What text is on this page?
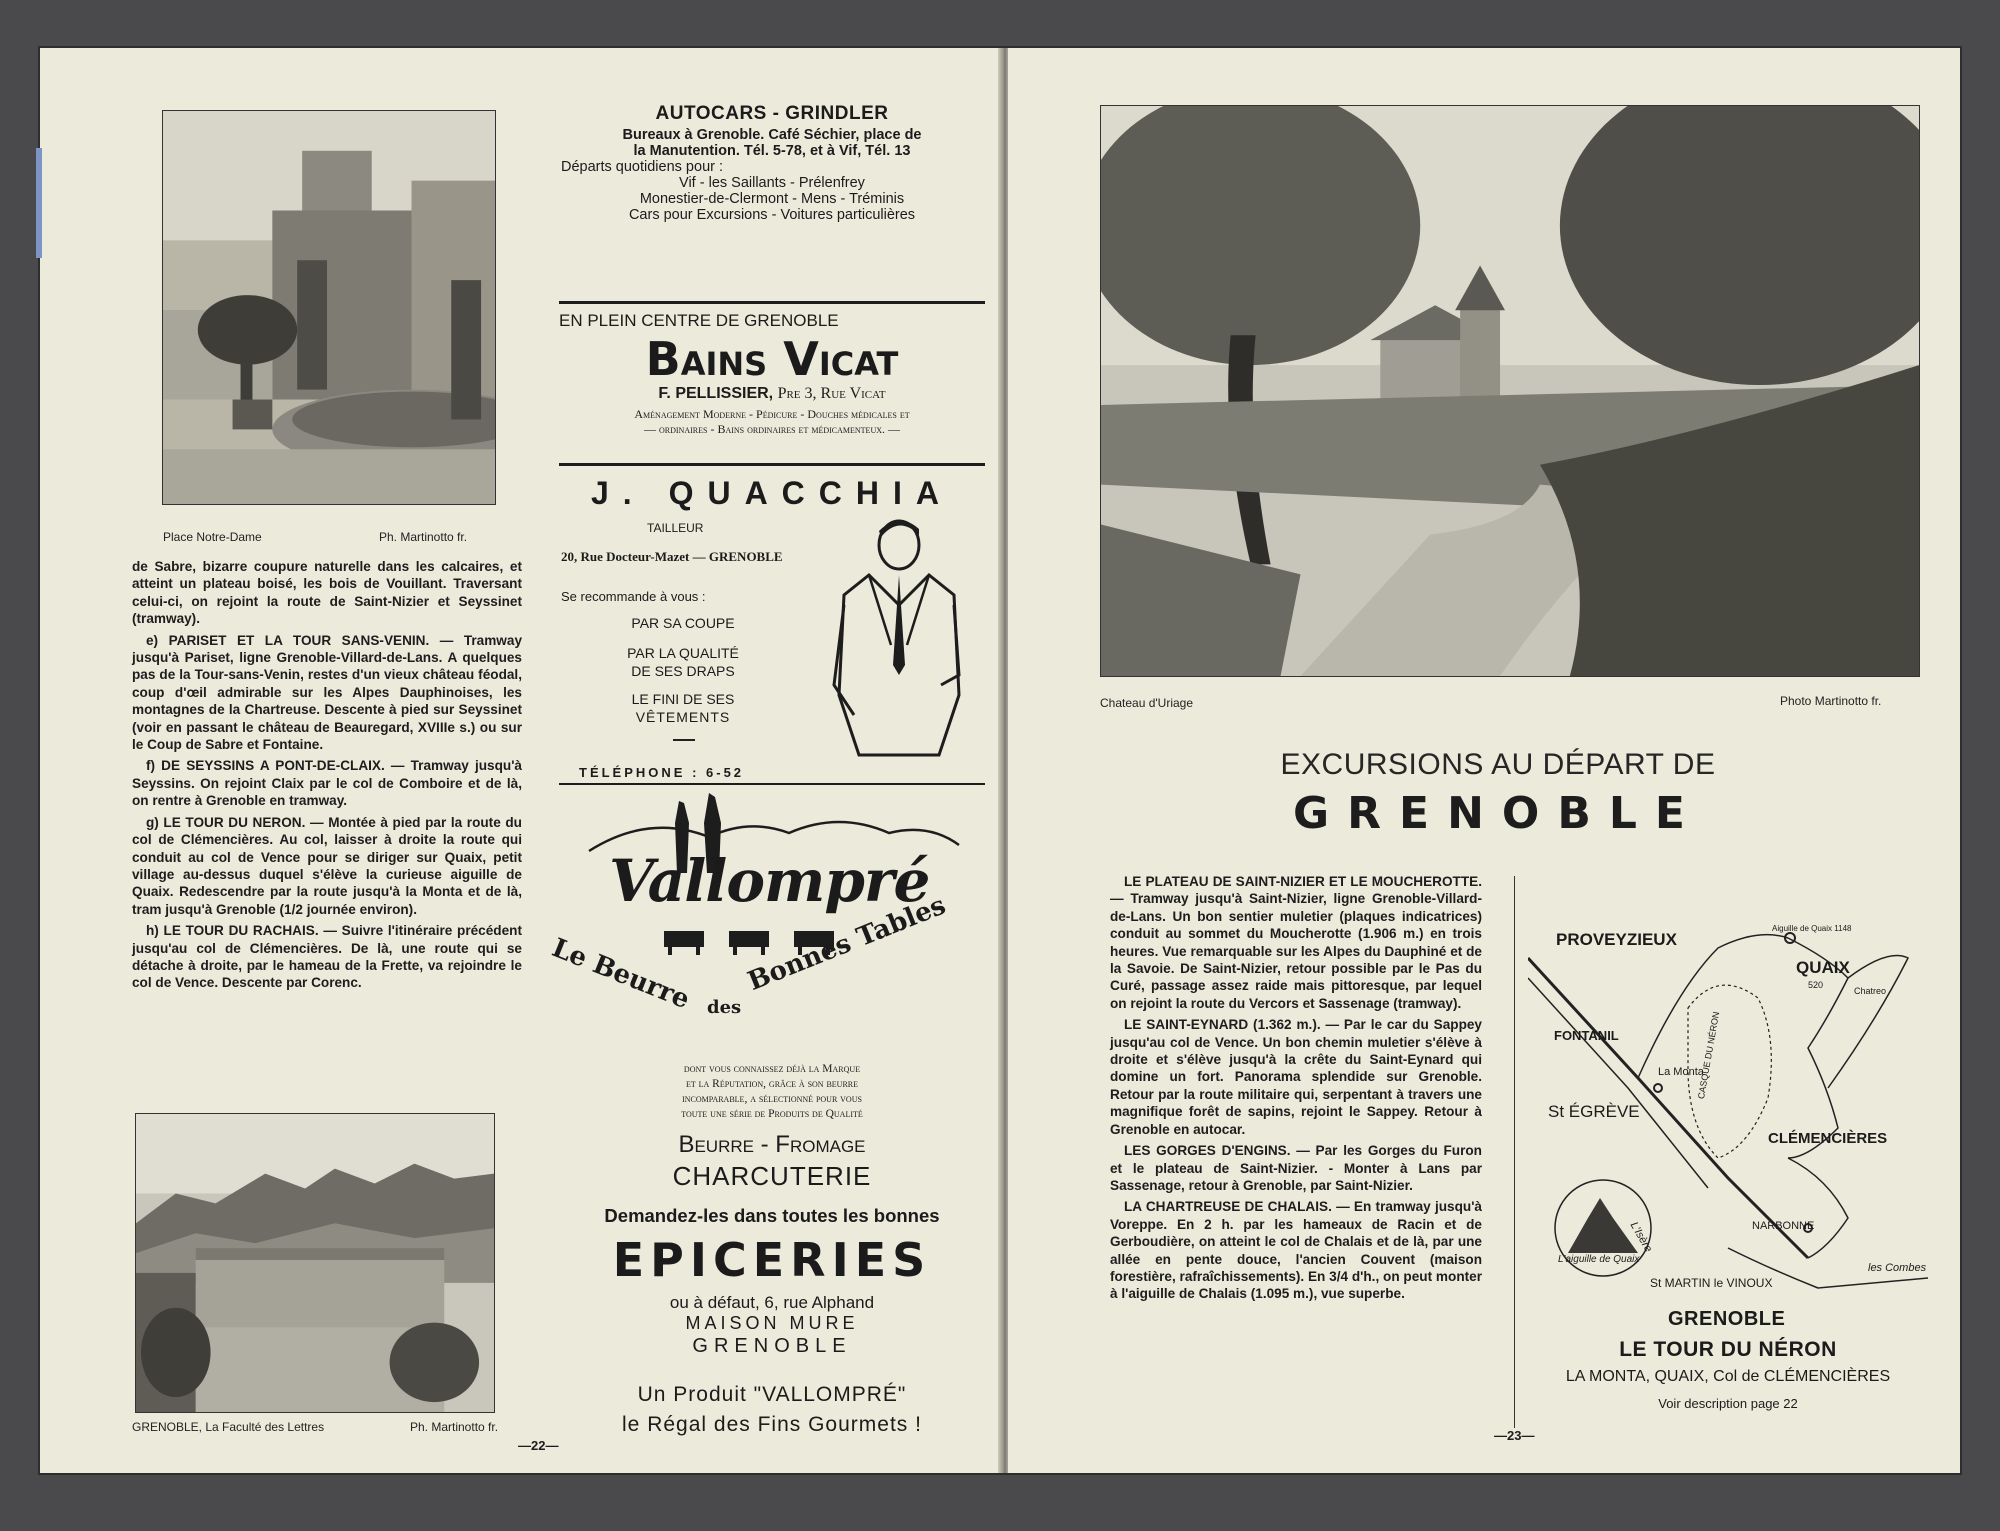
Place Notre-Dame	Ph. Martinotto fr.

de Sabre, bizarre coupure naturelle dans les calcaires, et atteint un plateau boisé, les bois de Vouillant. Traversant celui-ci, on rejoint la route de Saint-Nizier et Seyssinet (tramway).

e) PARISET ET LA TOUR SANS-VENIN. — Tramway jusqu'à Pariset, ligne Grenoble-Villard-de-Lans. A quelques pas de la Tour-sans-Venin, restes d'un vieux château féodal, coup d'œil admirable sur les Alpes Dauphinoises, les montagnes de la Chartreuse. Descente à pied sur Seyssinet (voir en passant le château de Beauregard, XVIIIe s.) ou sur le Coup de Sabre et Fontaine.

f) DE SEYSSINS A PONT-DE-CLAIX. — Tramway jusqu'à Seyssins. On rejoint Claix par le col de Comboire et de là, on rentre à Grenoble en tramway.

g) LE TOUR DU NERON. — Montée à pied par la route du col de Clémencières. Au col, laisser à droite la route qui conduit au col de Vence pour se diriger sur Quaix, petit village au-dessus duquel s'élève la curieuse aiguille de Quaix. Redescendre par la route jusqu'à la Monta et de là, tram jusqu'à Grenoble (1/2 journée environ).

h) LE TOUR DU RACHAIS. — Suivre l'itinéraire précédent jusqu'au col de Clémencières. De là, une route qui se détache à droite, par le hameau de la Frette, va rejoindre le col de Vence. Descente par Corenc.

GRENOBLE, La Faculté des Lettres	Ph. Martinotto fr.
—22—
AUTOCARS - GRINDLER
Bureaux à Grenoble. Café Séchier, place de
la Manutention. Tél. 5-78, et à Vif, Tél. 13
Départs quotidiens pour :
Vif - les Saillants - Prélenfrey
Monestier-de-Clermont - Mens - Tréminis
Cars pour Excursions - Voitures particulières
EN PLEIN CENTRE DE GRENOBLE
Bains Vicat
F. PELLISSIER, Pre 3, Rue Vicat
Aménagement Moderne - Pédicure - Douches médicales et
— ordinaires - Bains ordinaires et médicamenteux. —
J. QUACCHIA
TAILLEUR
20, Rue Docteur-Mazet — GRENOBLE
Se recommande à vous :
PAR SA COUPE
PAR LA QUALITÉ
DE SES DRAPS
LE FINI DE SES
VÊTEMENTS
TÉLÉPHONE : 6-52
Vallompré
Le Beurre des
Bonnes Tables
dont vous connaissez déjà la Marque
et la Réputation, grâce à son beurre
incomparable, a sélectionné pour vous
toute une série de Produits de Qualité
Beurre - Fromage
CHARCUTERIE
Demandez-les dans toutes les bonnes
EPICERIES
ou à défaut, 6, rue Alphand
MAISON MURE
GRENOBLE
Un Produit "VALLOMPRÉ"
le Régal des Fins Gourmets !
Chateau d'Uriage	Photo Martinotto fr.
EXCURSIONS AU DÉPART DE
GRENOBLE

LE PLATEAU DE SAINT-NIZIER ET LE MOUCHEROTTE. — Tramway jusqu'à Saint-Nizier, ligne Grenoble-Villard-de-Lans. Un bon sentier muletier (plaques indicatrices) conduit au sommet du Moucherotte (1.906 m.) en trois heures. Vue remarquable sur les Alpes du Dauphiné et de la Savoie. De Saint-Nizier, retour possible par le Pas du Curé, passage assez raide mais pittoresque, par lequel on rejoint la route du Vercors et Sassenage (tramway).

LE SAINT-EYNARD (1.362 m.). — Par le car du Sappey jusqu'au col de Vence. Un bon chemin muletier s'élève à droite et s'élève jusqu'à la crête du Saint-Eynard qui domine un fort. Panorama splendide sur Grenoble. Retour par la route militaire qui, serpentant à travers une magnifique forêt de sapins, rejoint le Sappey. Retour à Grenoble en autocar.

LES GORGES D'ENGINS. — Par les Gorges du Furon et le plateau de Saint-Nizier. - Monter à Lans par Sassenage, retour à Grenoble, par Saint-Nizier.

LA CHARTREUSE DE CHALAIS. — En tramway jusqu'à Voreppe. En 2 h. par les hameaux de Racin et de Gerboudière, on atteint le col de Chalais et de là, par une allée en pente douce, l'ancien Couvent (maison forestière, rafraîchissements). En 3/4 d'h., on peut monter à l'aiguille de Chalais (1.095 m.), vue superbe.

PROVEYZIEUX
Aiguille de Quaix 1148
QUAIX
520
Chatreo
FONTANIL
La Monta
St ÉGRÈVE
CASQUE DU NÉRON
CLÉMENCIÈRES
NARBONNE
les Combes
L'Isère
L'aiguille de Quaix
St MARTIN le VINOUX
GRENOBLE
LE TOUR DU NÉRON
LA MONTA, QUAIX, Col de CLÉMENCIÈRES
Voir description page 22
—23—
